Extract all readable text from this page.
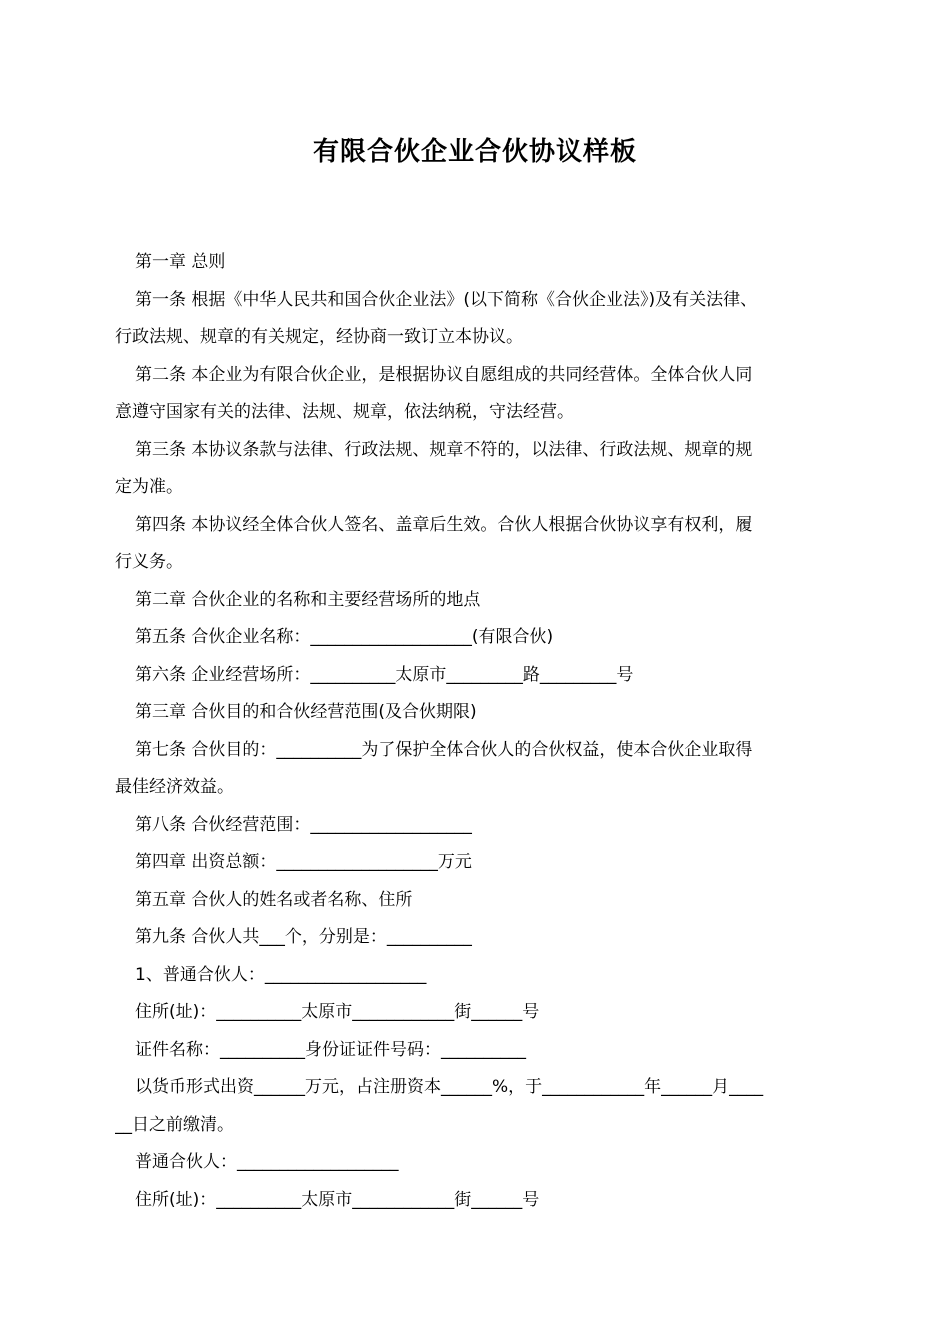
有限合伙企业合伙协议样板
第一章 总则
第一条 根据《中华人民共和国合伙企业法》(以下简称《合伙企业法》)及有关法律、
行政法规、规章的有关规定，经协商一致订立本协议。
第二条 本企业为有限合伙企业，是根据协议自愿组成的共同经营体。全体合伙人同
意遵守国家有关的法律、法规、规章，依法纳税，守法经营。
第三条 本协议条款与法律、行政法规、规章不符的，以法律、行政法规、规章的规
定为准。
第四条 本协议经全体合伙人签名、盖章后生效。合伙人根据合伙协议享有权利，履
行义务。
第二章 合伙企业的名称和主要经营场所的地点
第五条 合伙企业名称：___________________(有限合伙)
第六条 企业经营场所：__________太原市_________路_________号
第三章 合伙目的和合伙经营范围(及合伙期限)
第七条 合伙目的：__________为了保护全体合伙人的合伙权益，使本合伙企业取得
最佳经济效益。
第八条 合伙经营范围：___________________
第四章 出资总额：___________________万元
第五章 合伙人的姓名或者名称、住所
第九条 合伙人共___个，分别是：__________
1、普通合伙人：___________________
住所(址)：__________太原市____________街______号
证件名称：__________身份证证件号码：__________
以货币形式出资______万元，占注册资本______%，于____________年______月____
__日之前缴清。
普通合伙人：___________________
住所(址)：__________太原市____________街______号
